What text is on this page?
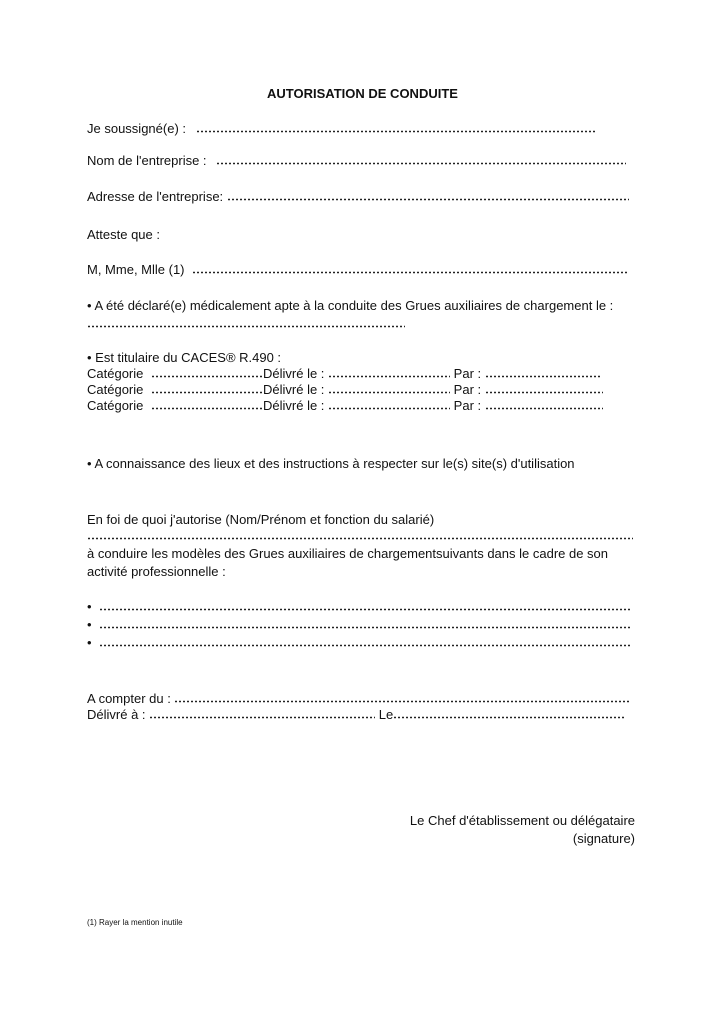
AUTORISATION DE CONDUITE
Je soussigné(e) :
Nom de l'entreprise :
Adresse de l'entreprise:
Atteste que :
M, Mme, Mlle (1)
• A été déclaré(e) médicalement apte à la conduite des Grues auxiliaires de chargement le :
• Est titulaire du CACES® R.490 :
Catégorie	Délivré le :	Par :
Catégorie	Délivré le :	Par :
Catégorie	Délivré le :	Par :
• A connaissance des lieux et des instructions à respecter sur le(s) site(s) d'utilisation
En foi de quoi j'autorise (Nom/Prénom et fonction du salarié)
à conduire les modèles des Grues auxiliaires de chargementsuivants dans le cadre de son
activité professionnelle :
•
•
•
A compter du :
Délivré à :	Le
Le Chef d'établissement ou délégataire
(signature)
(1) Rayer la mention inutile
